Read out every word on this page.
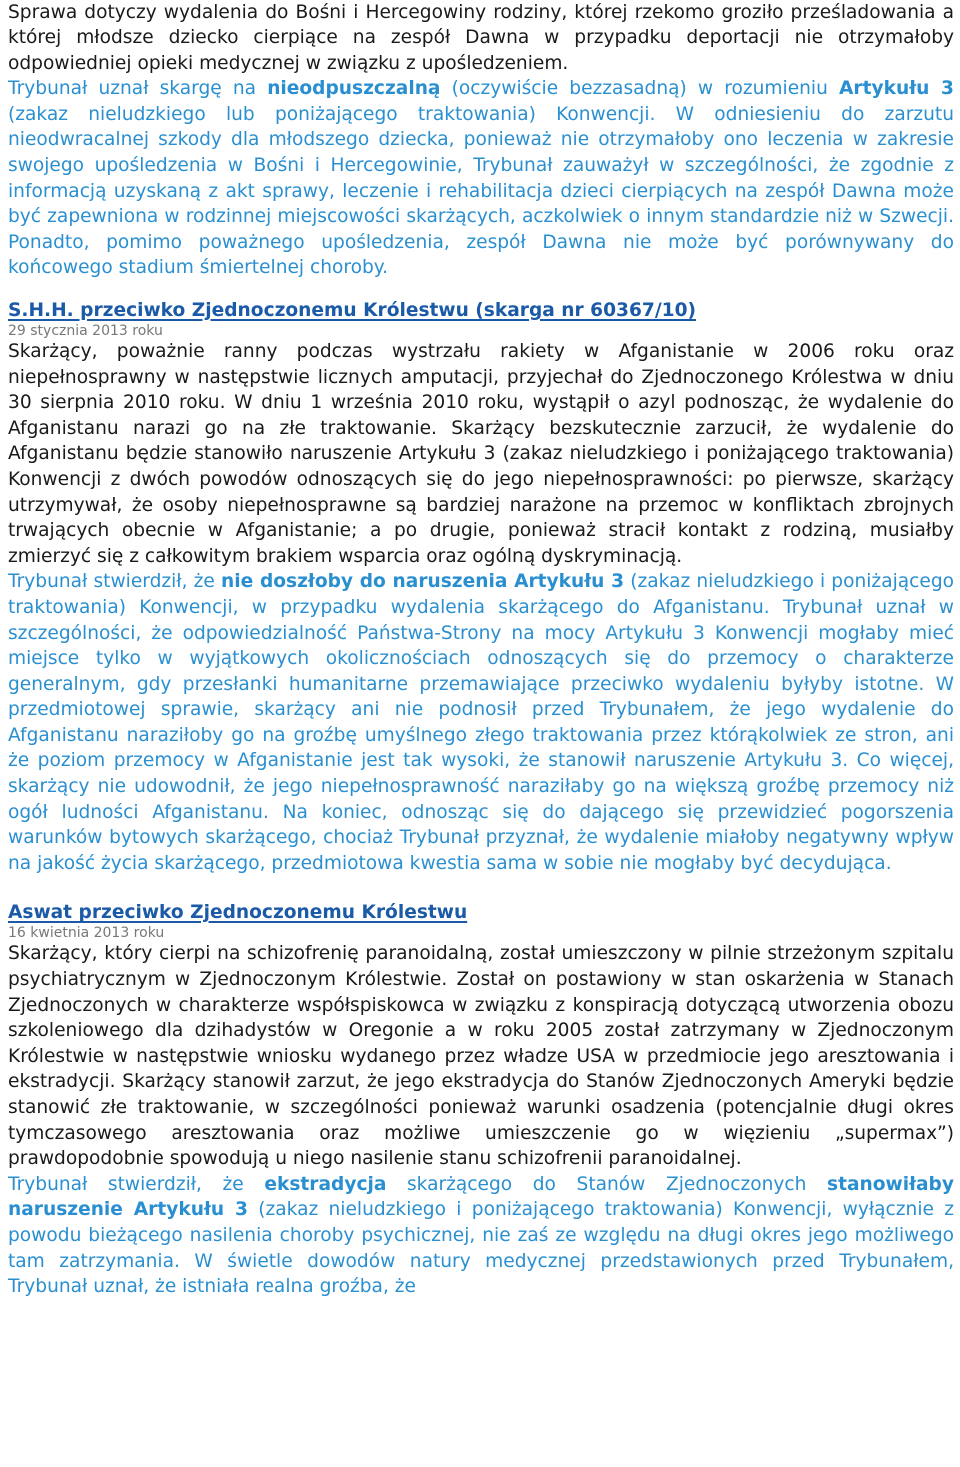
Sprawa dotyczy wydalenia do Bośni i Hercegowiny rodziny, której rzekomo groziło prześladowania a której młodsze dziecko cierpiące na zespół Dawna w przypadku deportacji nie otrzymałoby odpowiedniej opieki medycznej w związku z upośledzeniem.

Trybunał uznał skargę na nieodpuszczalną (oczywiście bezzasadną) w rozumieniu Artykułu 3 (zakaz nieludzkiego lub poniżającego traktowania) Konwencji. W odniesieniu do zarzutu nieodwracalnej szkody dla młodszego dziecka, ponieważ nie otrzymałoby ono leczenia w zakresie swojego upośledzenia w Bośni i Hercegowinie, Trybunał zauważył w szczególności, że zgodnie z informacją uzyskaną z akt sprawy, leczenie i rehabilitacja dzieci cierpiących na zespół Dawna może być zapewniona w rodzinnej miejscowości skarżących, aczkolwiek o innym standardzie niż w Szwecji. Ponadto, pomimo poważnego upośledzenia, zespół Dawna nie może być porównywany do końcowego stadium śmiertelnej choroby.

S.H.H. przeciwko Zjednoczonemu Królestwu (skarga nr 60367/10)
29 stycznia 2013 roku

Skarżący, poważnie ranny podczas wystrzału rakiety w Afganistanie w 2006 roku oraz niepełnosprawny w następstwie licznych amputacji, przyjechał do Zjednoczonego Królestwa w dniu 30 sierpnia 2010 roku. W dniu 1 września 2010 roku, wystąpił o azyl podnosząc, że wydalenie do Afganistanu narazi go na złe traktowanie. Skarżący bezskutecznie zarzucił, że wydalenie do Afganistanu będzie stanowiło naruszenie Artykułu 3 (zakaz nieludzkiego i poniżającego traktowania) Konwencji z dwóch powodów odnoszących się do jego niepełnosprawności: po pierwsze, skarżący utrzymywał, że osoby niepełnosprawne są bardziej narażone na przemoc w konfliktach zbrojnych trwających obecnie w Afganistanie; a po drugie, ponieważ stracił kontakt z rodziną, musiałby zmierzyć się z całkowitym brakiem wsparcia oraz ogólną dyskryminacją.

Trybunał stwierdził, że nie doszłoby do naruszenia Artykułu 3 (zakaz nieludzkiego i poniżającego traktowania) Konwencji, w przypadku wydalenia skarżącego do Afganistanu. Trybunał uznał w szczególności, że odpowiedzialność Państwa-Strony na mocy Artykułu 3 Konwencji mogłaby mieć miejsce tylko w wyjątkowych okolicznościach odnoszących się do przemocy o charakterze generalnym, gdy przesłanki humanitarne przemawiające przeciwko wydaleniu byłyby istotne. W przedmiotowej sprawie, skarżący ani nie podnosił przed Trybunałem, że jego wydalenie do Afganistanu naraziłoby go na groźbę umyślnego złego traktowania przez którąkolwiek ze stron, ani że poziom przemocy w Afganistanie jest tak wysoki, że stanowił naruszenie Artykułu 3. Co więcej, skarżący nie udowodnił, że jego niepełnosprawność naraziłaby go na większą groźbę przemocy niż ogół ludności Afganistanu. Na koniec, odnosząc się do dającego się przewidzieć pogorszenia warunków bytowych skarżącego, chociaż Trybunał przyznał, że wydalenie miałoby negatywny wpływ na jakość życia skarżącego, przedmiotowa kwestia sama w sobie nie mogłaby być decydująca.

Aswat przeciwko Zjednoczonemu Królestwu
16 kwietnia 2013 roku

Skarżący, który cierpi na schizofrenię paranoidalną, został umieszczony w pilnie strzeżonym szpitalu psychiatrycznym w Zjednoczonym Królestwie. Został on postawiony w stan oskarżenia w Stanach Zjednoczonych w charakterze współspiskowca w związku z konspiracją dotyczącą utworzenia obozu szkoleniowego dla dzihadystów w Oregonie a w roku 2005 został zatrzymany w Zjednoczonym Królestwie w następstwie wniosku wydanego przez władze USA w przedmiocie jego aresztowania i ekstradycji. Skarżący stanowił zarzut, że jego ekstradycja do Stanów Zjednoczonych Ameryki będzie stanowić złe traktowanie, w szczególności ponieważ warunki osadzenia (potencjalnie długi okres tymczasowego aresztowania oraz możliwe umieszczenie go w więzieniu „supermax”) prawdopodobnie spowodują u niego nasilenie stanu schizofrenii paranoidalnej.

Trybunał stwierdził, że ekstradycja skarżącego do Stanów Zjednoczonych stanowiłaby naruszenie Artykułu 3 (zakaz nieludzkiego i poniżającego traktowania) Konwencji, wyłącznie z powodu bieżącego nasilenia choroby psychicznej, nie zaś ze względu na długi okres jego możliwego tam zatrzymania. W świetle dowodów natury medycznej przedstawionych przed Trybunałem, Trybunał uznał, że istniała realna groźba, że
